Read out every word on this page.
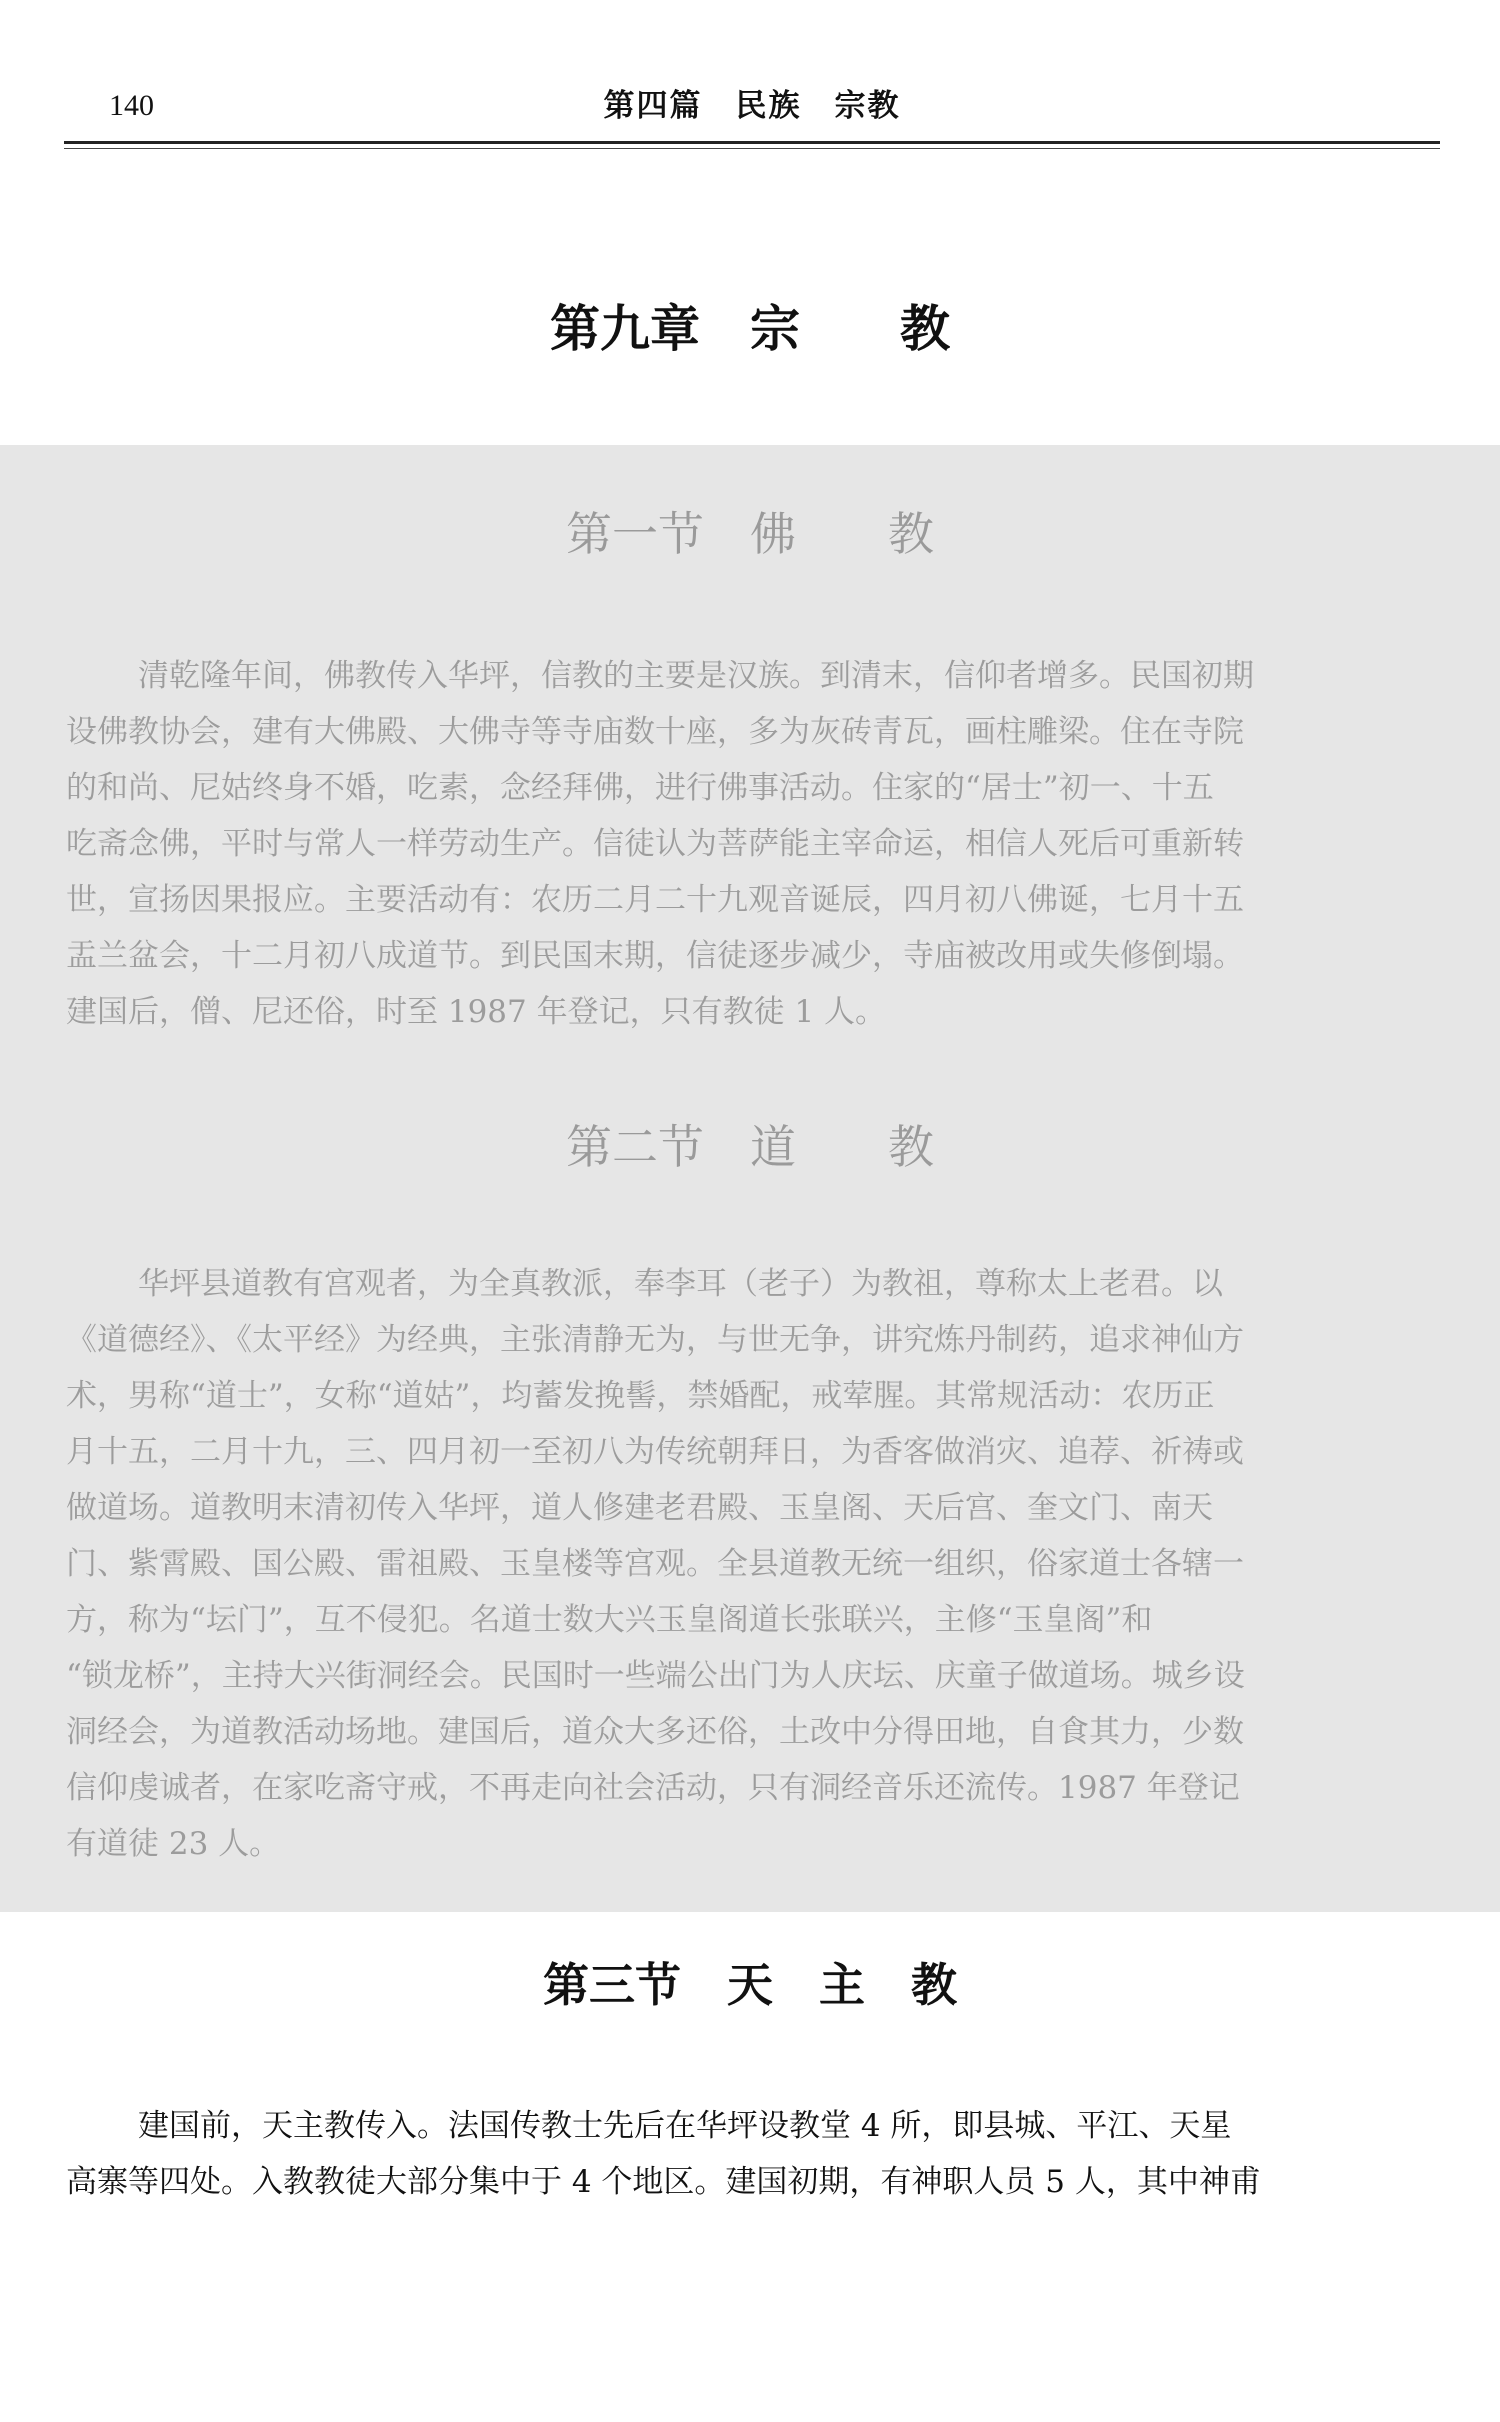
140	第四篇　民族　宗教
第九章　宗　　教
第一节　佛　　教
清乾隆年间，佛教传入华坪，信教的主要是汉族。到清末，信仰者增多。民国初期
设佛教协会，建有大佛殿、大佛寺等寺庙数十座，多为灰砖青瓦，画柱雕梁。住在寺院
的和尚、尼姑终身不婚，吃素，念经拜佛，进行佛事活动。住家的“居士”初一、十五
吃斋念佛，平时与常人一样劳动生产。信徒认为菩萨能主宰命运，相信人死后可重新转
世，宣扬因果报应。主要活动有：农历二月二十九观音诞辰，四月初八佛诞，七月十五
盂兰盆会，十二月初八成道节。到民国末期，信徒逐步减少，寺庙被改用或失修倒塌。
建国后，僧、尼还俗，时至 1987 年登记，只有教徒 1 人。
第二节　道　　教
华坪县道教有宫观者，为全真教派，奉李耳（老子）为教祖，尊称太上老君。以
《道德经》、《太平经》为经典，主张清静无为，与世无争，讲究炼丹制药，追求神仙方
术，男称“道士”，女称“道姑”，均蓄发挽髻，禁婚配，戒荤腥。其常规活动：农历正
月十五，二月十九，三、四月初一至初八为传统朝拜日，为香客做消灾、追荐、祈祷或
做道场。道教明末清初传入华坪，道人修建老君殿、玉皇阁、天后宫、奎文门、南天
门、紫霄殿、国公殿、雷祖殿、玉皇楼等宫观。全县道教无统一组织，俗家道士各辖一
方，称为“坛门”，互不侵犯。名道士数大兴玉皇阁道长张联兴，主修“玉皇阁”和
“锁龙桥”，主持大兴街洞经会。民国时一些端公出门为人庆坛、庆童子做道场。城乡设
洞经会，为道教活动场地。建国后，道众大多还俗，土改中分得田地，自食其力，少数
信仰虔诚者，在家吃斋守戒，不再走向社会活动，只有洞经音乐还流传。1987 年登记
有道徒 23 人。
第三节　天　主　教
建国前，天主教传入。法国传教士先后在华坪设教堂 4 所，即县城、平江、天星
高寨等四处。入教教徒大部分集中于 4 个地区。建国初期，有神职人员 5 人，其中神甫
